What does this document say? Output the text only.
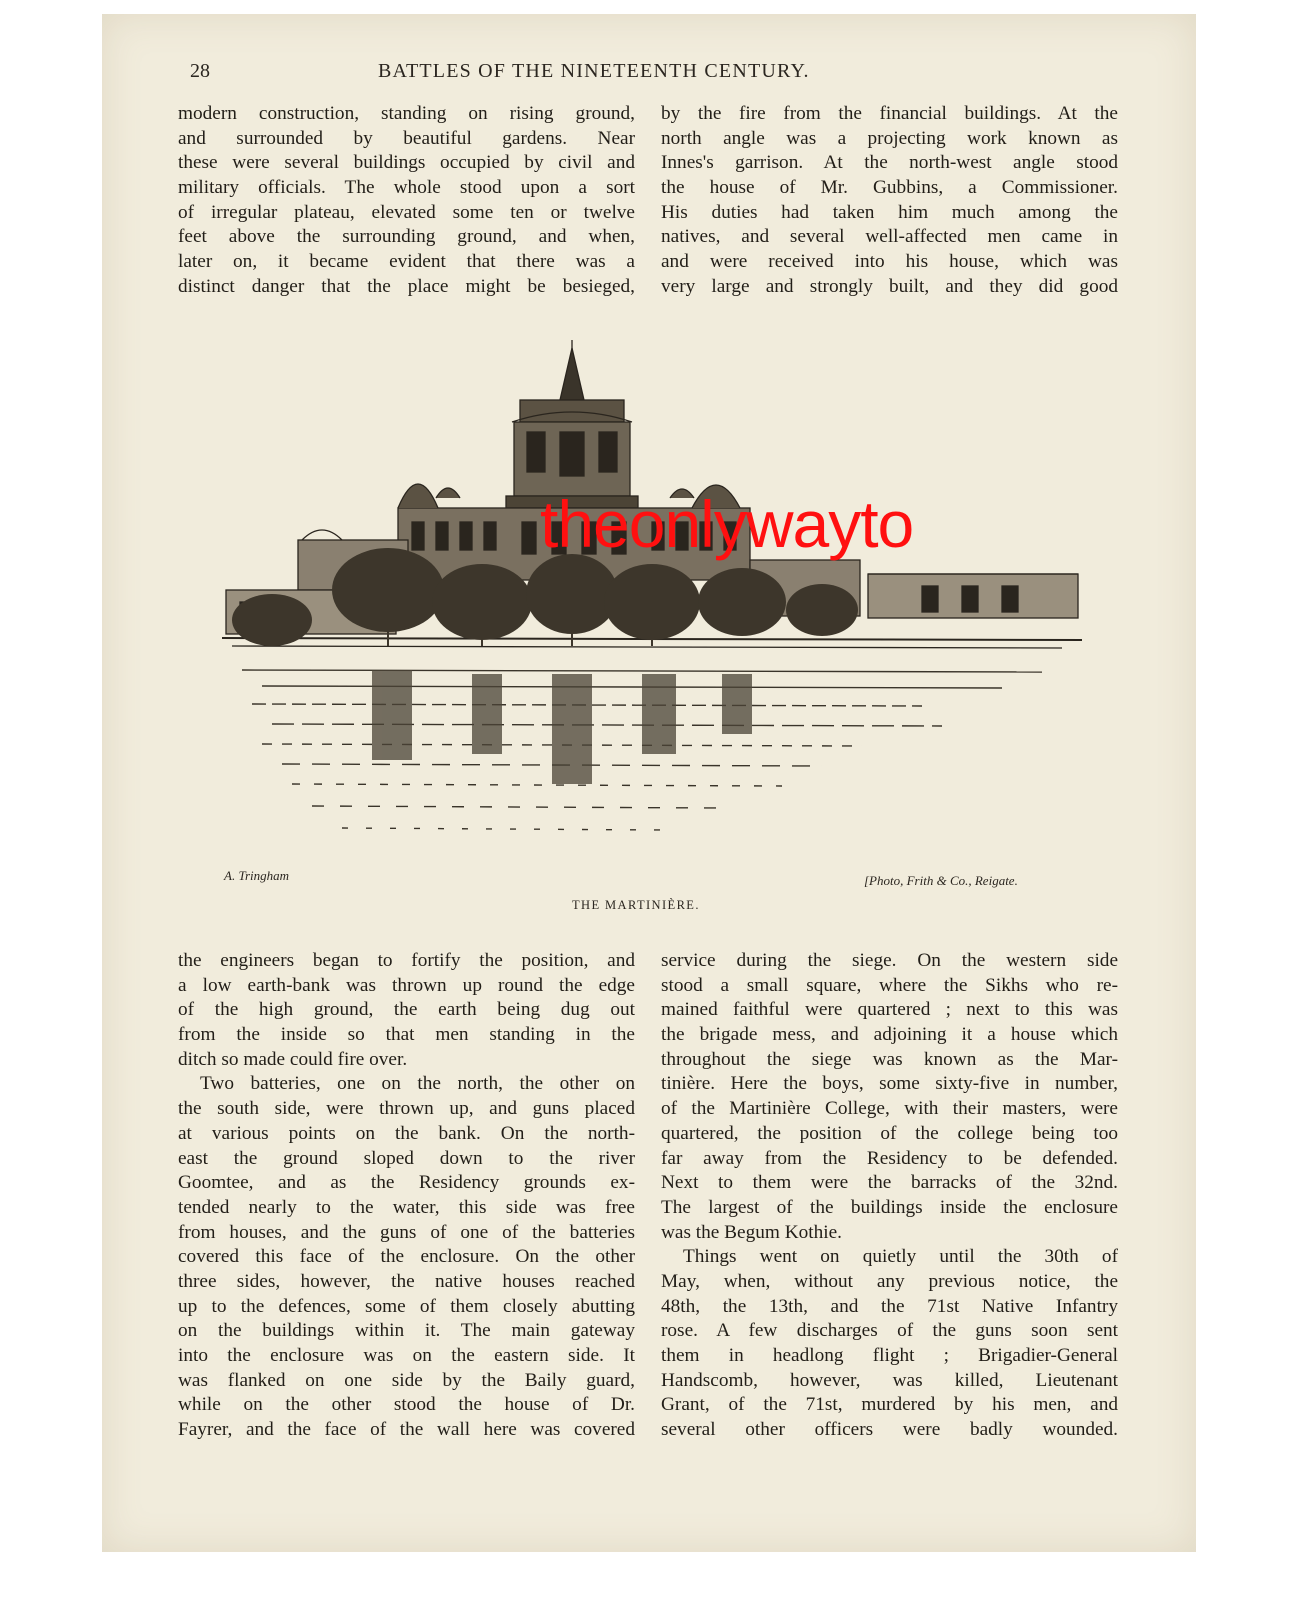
28	BATTLES OF THE NINETEENTH CENTURY.
modern construction, standing on rising ground,
and surrounded by beautiful gardens. Near
these were several buildings occupied by civil and
military officials. The whole stood upon a sort
of irregular plateau, elevated some ten or twelve
feet above the surrounding ground, and when,
later on, it became evident that there was a
distinct danger that the place might be besieged,
by the fire from the financial buildings. At the
north angle was a projecting work known as
Innes's garrison. At the north-west angle stood
the house of Mr. Gubbins, a Commissioner.
His duties had taken him much among the
natives, and several well-affected men came in
and were received into his house, which was
very large and strongly built, and they did good
A. Tringham	[Photo, Frith & Co., Reigate.
THE MARTINIÈRE.
the engineers began to fortify the position, and
a low earth-bank was thrown up round the edge
of the high ground, the earth being dug out
from the inside so that men standing in the
ditch so made could fire over.
Two batteries, one on the north, the other on
the south side, were thrown up, and guns placed
at various points on the bank. On the north-
east the ground sloped down to the river
Goomtee, and as the Residency grounds ex-
tended nearly to the water, this side was free
from houses, and the guns of one of the batteries
covered this face of the enclosure. On the other
three sides, however, the native houses reached
up to the defences, some of them closely abutting
on the buildings within it. The main gateway
into the enclosure was on the eastern side. It
was flanked on one side by the Baily guard,
while on the other stood the house of Dr.
Fayrer, and the face of the wall here was covered
service during the siege. On the western side
stood a small square, where the Sikhs who re-
mained faithful were quartered ; next to this was
the brigade mess, and adjoining it a house which
throughout the siege was known as the Mar-
tinière. Here the boys, some sixty-five in number,
of the Martinière College, with their masters, were
quartered, the position of the college being too
far away from the Residency to be defended.
Next to them were the barracks of the 32nd.
The largest of the buildings inside the enclosure
was the Begum Kothie.
Things went on quietly until the 30th of
May, when, without any previous notice, the
48th, the 13th, and the 71st Native Infantry
rose. A few discharges of the guns soon sent
them in headlong flight ; Brigadier-General
Handscomb, however, was killed, Lieutenant
Grant, of the 71st, murdered by his men, and
several other officers were badly wounded.
theonlywayto
